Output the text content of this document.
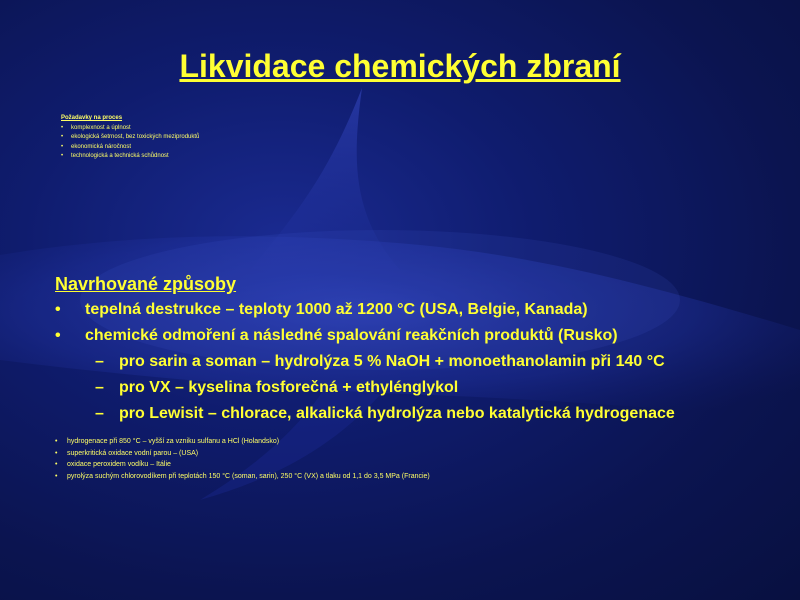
Likvidace chemických zbraní
Požadavky na proces
• komplexnost a úplnost
• ekologická šetrnost, bez toxických meziproduktů
• ekonomická náročnost
• technologická a technická schůdnost
Navrhované způsoby
• tepelná destrukce – teploty 1000 až 1200 °C (USA, Belgie, Kanada)
• chemické odmoření a následné spalování reakčních produktů (Rusko)
– pro sarin a soman – hydrolýza 5 % NaOH + monoethanolamin při 140 °C
– pro VX – kyselina fosforečná + ethylénglykol
– pro Lewisit – chlorace, alkalická hydrolýza nebo katalytická hydrogenace
• hydrogenace při 850 °C – vyšší za vzniku sulfanu a HCl (Holandsko)
• superkritická oxidace vodní parou – (USA)
• oxidace peroxidem vodíku – Itálie
• pyrolýza suchým chlorovodíkem při teplotách 150 °C (soman, sarin), 250 °C (VX) a tlaku od 1,1 do 3,5 MPa (Francie)
